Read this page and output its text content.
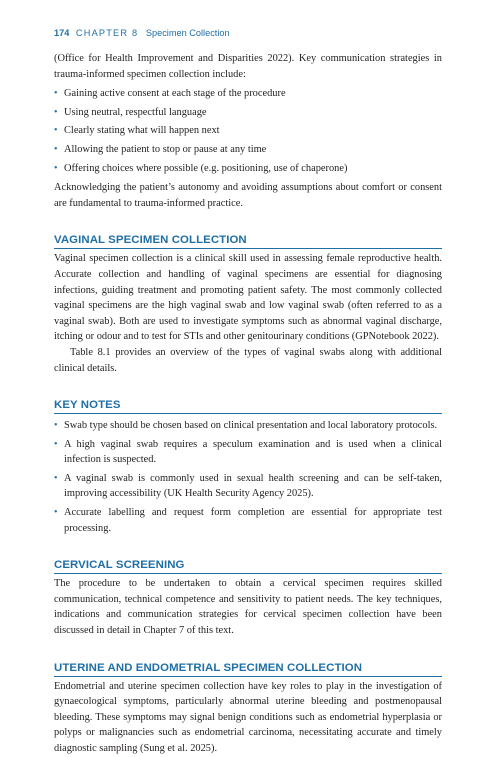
174 CHAPTER 8 Specimen Collection

(Office for Health Improvement and Disparities 2022). Key communication strategies in trauma-informed specimen collection include:

• Gaining active consent at each stage of the procedure
• Using neutral, respectful language
• Clearly stating what will happen next
• Allowing the patient to stop or pause at any time
• Offering choices where possible (e.g. positioning, use of chaperone)

Acknowledging the patient’s autonomy and avoiding assumptions about comfort or consent are fundamental to trauma-informed practice.

VAGINAL SPECIMEN COLLECTION

Vaginal specimen collection is a clinical skill used in assessing female reproductive health. Accurate collection and handling of vaginal specimens are essential for diagnosing infections, guiding treatment and promoting patient safety. The most commonly collected vaginal specimens are the high vaginal swab and low vaginal swab (often referred to as a vaginal swab). Both are used to investigate symptoms such as abnormal vaginal discharge, itching or odour and to test for STIs and other genitourinary conditions (GPNotebook 2022).

Table 8.1 provides an overview of the types of vaginal swabs along with additional clinical details.

KEY NOTES
• Swab type should be chosen based on clinical presentation and local laboratory protocols.
• A high vaginal swab requires a speculum examination and is used when a clinical infection is suspected.
• A vaginal swab is commonly used in sexual health screening and can be self-taken, improving accessibility (UK Health Security Agency 2025).
• Accurate labelling and request form completion are essential for appropriate test processing.
CERVICAL SCREENING

The procedure to be undertaken to obtain a cervical specimen requires skilled communication, technical competence and sensitivity to patient needs. The key techniques, indications and communication strategies for cervical specimen collection have been discussed in detail in Chapter 7 of this text.

UTERINE AND ENDOMETRIAL SPECIMEN COLLECTION

Endometrial and uterine specimen collection have key roles to play in the investigation of gynaecological symptoms, particularly abnormal uterine bleeding and postmenopausal bleeding. These symptoms may signal benign conditions such as endometrial hyperplasia or polyps or malignancies such as endometrial carcinoma, necessitating accurate and timely diagnostic sampling (Sung et al. 2025).
